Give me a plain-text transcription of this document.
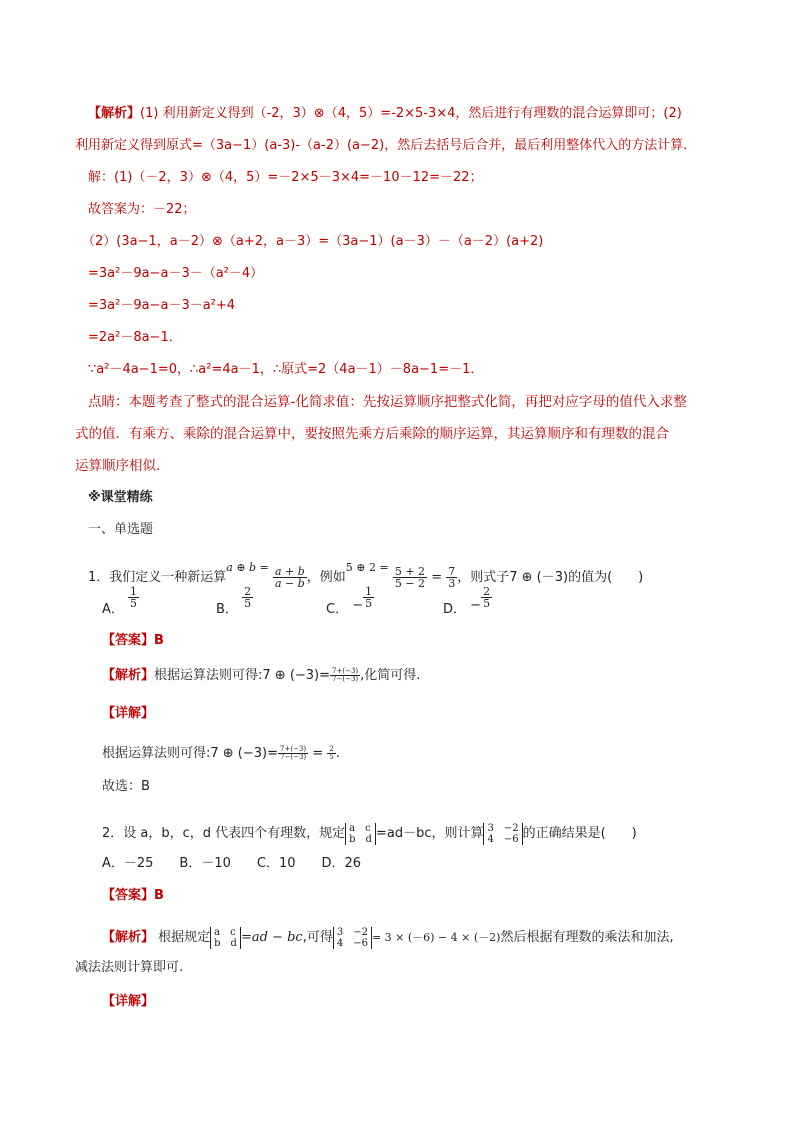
【解析】(1) 利用新定义得到（-2，3）⊗（4，5）=-2×5-3×4，然后进行有理数的混合运算即可；(2)
利用新定义得到原式=（3a−1）(a-3)-（a-2）(a−2)，然后去括号后合并，最后利用整体代入的方法计算．
解：(1)（－2，3）⊗（4，5）=－2×5－3×4=－10－12=－22；
故答案为：－22；
（2）(3a−1，a－2）⊗（a+2，a－3）=（3a−1）(a－3）－（a－2）(a+2)
=3a²－9a−a－3－（a²－4）
=3a²－9a−a－3－a²+4
=2a²－8a−1．
∵a²－4a−1=0，∴a²=4a－1，∴原式=2（4a－1）－8a−1=－1．
点睛：本题考查了整式的混合运算-化简求值：先按运算顺序把整式化简，再把对应字母的值代入求整
式的值．有乘方、乘除的混合运算中，要按照先乘方后乘除的顺序运算，其运算顺序和有理数的混合
运算顺序相似．
※课堂精练
一、单选题
1．我们定义一种新运算$^{a \oplus b =} \frac{a + b}{a - b}$ ，例如$^{5 \oplus 2 =} \frac{5 + 2}{5 - 2} = \frac{7}{3}$ ，则式子7 ⊕ (－3)的值为(　　)
A．
$\frac{1}{5}$
B．
$\frac{2}{5}$
C． − $\frac{1}{5}$
D． − $\frac{2}{5}$
【答案】B
【解析】根据运算法则可得:7 ⊕ $(-3)= \frac{7+(-3)}{7-(-3)}$ ,化简可得.
【详解】
根据运算法则可得:7 ⊕ $(-3)= \frac{7+(-3)}{7-(-3)} = \frac{2}{5}$ .
故选：B
2．设 a，b，c，d 代表四个有理数，规定 a　c
b　d =ad－bc，则计算 3　−2
4　−6 的正确结果是(　　)
A．－25　　B．－10　　C．10　　D．26
【答案】B
【解析】 根据规定 a　c
b　d =ad − bc,可得 3　−2
4　−6 = 3 × (－6) − 4 × (－2)然后根据有理数的乘法和加法,
减法法则计算即可.
【详解】
